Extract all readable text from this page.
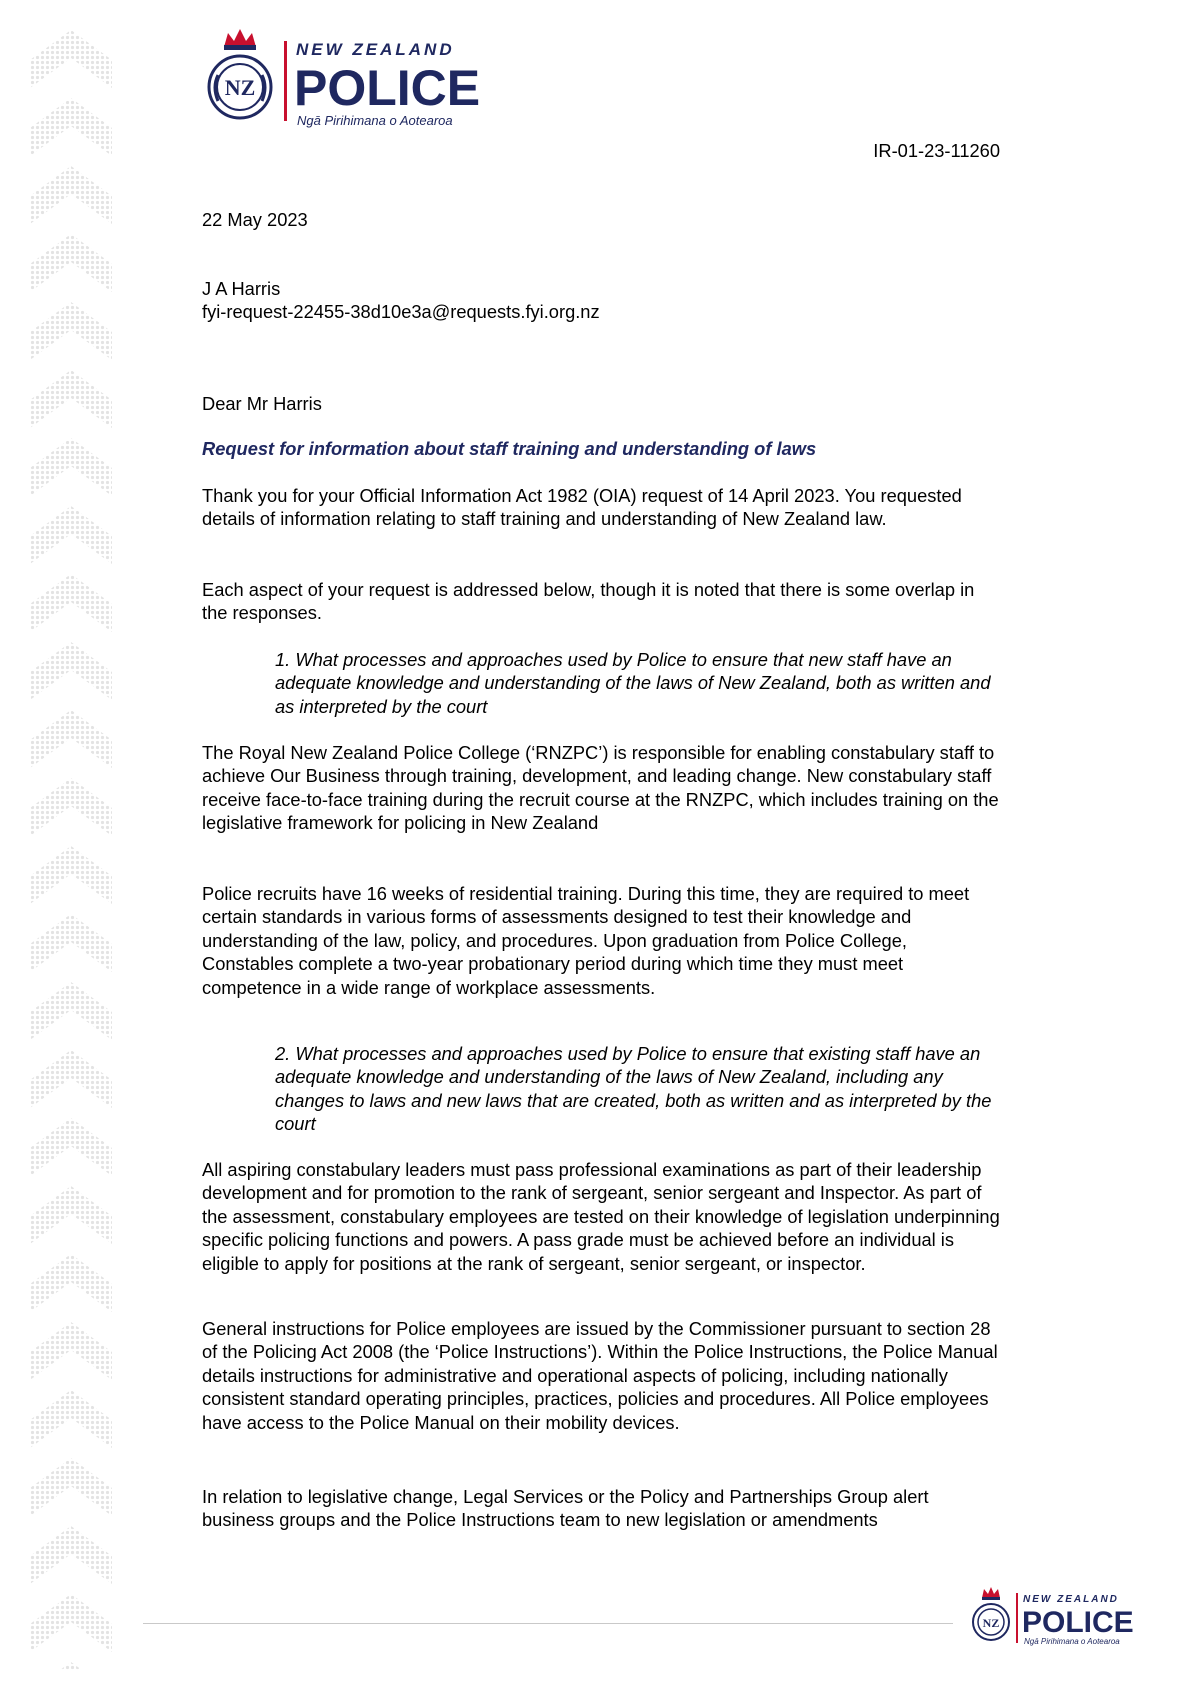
NZ
NEW ZEALAND
POLICE
Ngā Pirihimana o Aotearoa
IR-01-23-11260

22 May 2023

J A Harris
fyi-request-22455-38d10e3a@requests.fyi.org.nz

Dear Mr Harris

Request for information about staff training and understanding of laws

Thank you for your Official Information Act 1982 (OIA) request of 14 April 2023. You requested details of information relating to staff training and understanding of New Zealand law.

Each aspect of your request is addressed below, though it is noted that there is some overlap in the responses.

1. What processes and approaches used by Police to ensure that new staff have an adequate knowledge and understanding of the laws of New Zealand, both as written and as interpreted by the court

The Royal New Zealand Police College (‘RNZPC’) is responsible for enabling constabulary staff to achieve Our Business through training, development, and leading change. New constabulary staff receive face-to-face training during the recruit course at the RNZPC, which includes training on the legislative framework for policing in New Zealand

Police recruits have 16 weeks of residential training. During this time, they are required to meet certain standards in various forms of assessments designed to test their knowledge and understanding of the law, policy, and procedures. Upon graduation from Police College, Constables complete a two-year probationary period during which time they must meet competence in a wide range of workplace assessments.

2. What processes and approaches used by Police to ensure that existing staff have an adequate knowledge and understanding of the laws of New Zealand, including any changes to laws and new laws that are created, both as written and as interpreted by the court

All aspiring constabulary leaders must pass professional examinations as part of their leadership development and for promotion to the rank of sergeant, senior sergeant and Inspector. As part of the assessment, constabulary employees are tested on their knowledge of legislation underpinning specific policing functions and powers. A pass grade must be achieved before an individual is eligible to apply for positions at the rank of sergeant, senior sergeant, or inspector.

General instructions for Police employees are issued by the Commissioner pursuant to section 28 of the Policing Act 2008 (the ‘Police Instructions’). Within the Police Instructions, the Police Manual details instructions for administrative and operational aspects of policing, including nationally consistent standard operating principles, practices, policies and procedures. All Police employees have access to the Police Manual on their mobility devices.

In relation to legislative change, Legal Services or the Policy and Partnerships Group alert business groups and the Police Instructions team to new legislation or amendments

NZ
NEW ZEALAND
POLICE
Ngā Pirihimana o Aotearoa
